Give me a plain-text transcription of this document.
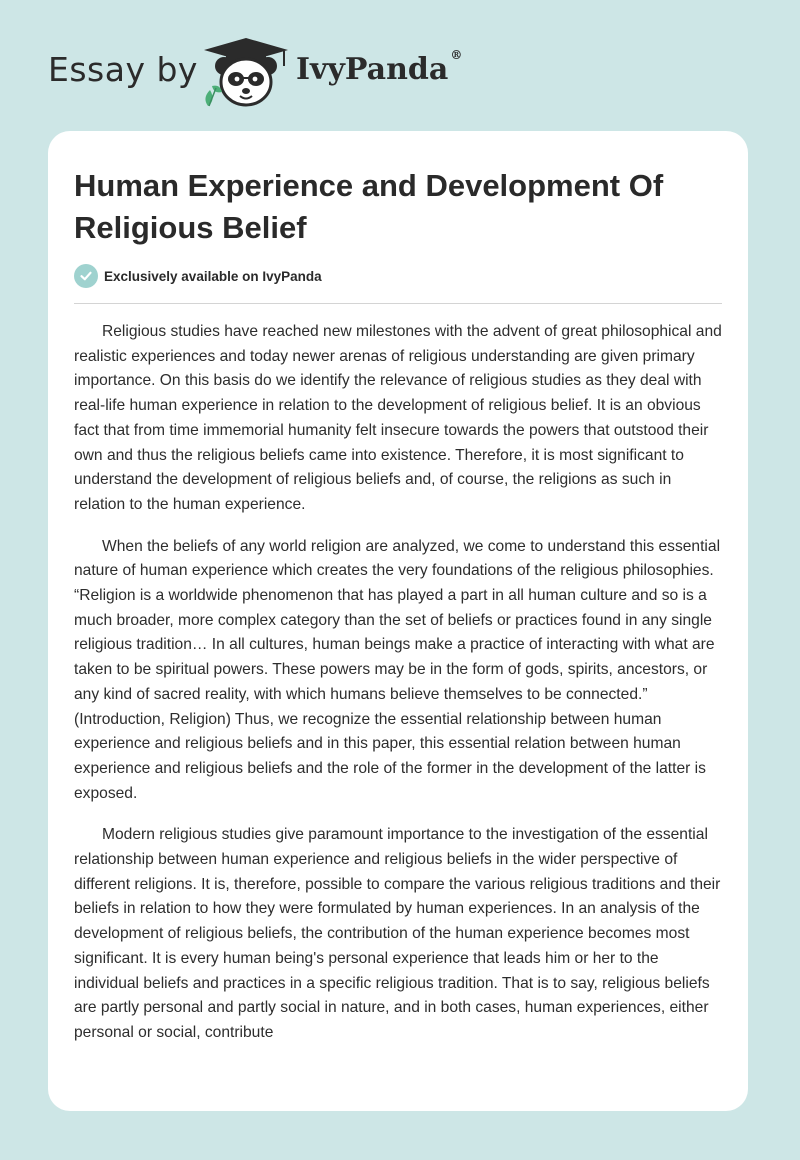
Essay by	IvyPanda ®
Human Experience and Development Of Religious Belief
Exclusively available on IvyPanda

Religious studies have reached new milestones with the advent of great philosophical and realistic experiences and today newer arenas of religious understanding are given primary importance. On this basis do we identify the relevance of religious studies as they deal with real-life human experience in relation to the development of religious belief. It is an obvious fact that from time immemorial humanity felt insecure towards the powers that outstood their own and thus the religious beliefs came into existence. Therefore, it is most significant to understand the development of religious beliefs and, of course, the religions as such in relation to the human experience.

When the beliefs of any world religion are analyzed, we come to understand this essential nature of human experience which creates the very foundations of the religious philosophies. “Religion is a worldwide phenomenon that has played a part in all human culture and so is a much broader, more complex category than the set of beliefs or practices found in any single religious tradition… In all cultures, human beings make a practice of interacting with what are taken to be spiritual powers. These powers may be in the form of gods, spirits, ancestors, or any kind of sacred reality, with which humans believe themselves to be connected.” (Introduction, Religion) Thus, we recognize the essential relationship between human experience and religious beliefs and in this paper, this essential relation between human experience and religious beliefs and the role of the former in the development of the latter is exposed.

Modern religious studies give paramount importance to the investigation of the essential relationship between human experience and religious beliefs in the wider perspective of different religions. It is, therefore, possible to compare the various religious traditions and their beliefs in relation to how they were formulated by human experiences. In an analysis of the development of religious beliefs, the contribution of the human experience becomes most significant. It is every human being's personal experience that leads him or her to the individual beliefs and practices in a specific religious tradition. That is to say, religious beliefs are partly personal and partly social in nature, and in both cases, human experiences, either personal or social, contribute
